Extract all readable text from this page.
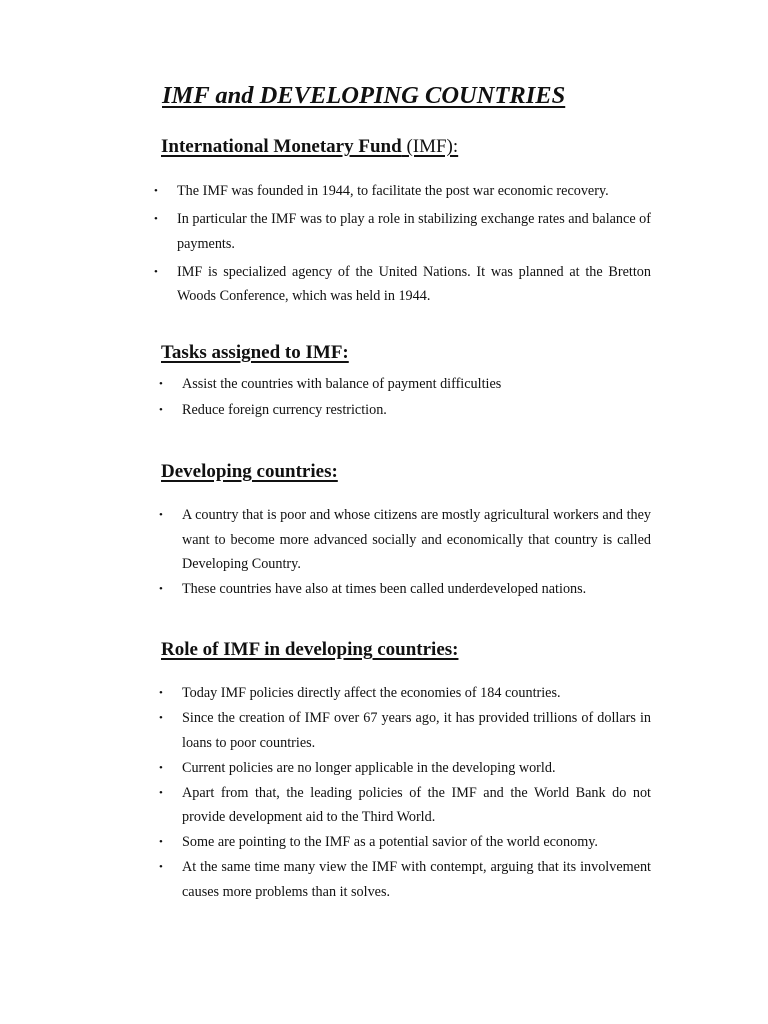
IMF and DEVELOPING COUNTRIES
International Monetary Fund (IMF):
• The IMF was founded in 1944, to facilitate the post war economic recovery.
• In particular the IMF was to play a role in stabilizing exchange rates and balance of payments.
• IMF is specialized agency of the United Nations. It was planned at the Bretton Woods Conference, which was held in 1944.
Tasks assigned to IMF:
• Assist the countries with balance of payment difficulties
• Reduce foreign currency restriction.
Developing countries:
• A country that is poor and whose citizens are mostly agricultural workers and they want to become more advanced socially and economically that country is called Developing Country.
• These countries have also at times been called underdeveloped nations.
Role of IMF in developing countries:
• Today IMF policies directly affect the economies of 184 countries.
• Since the creation of IMF over 67 years ago, it has provided trillions of dollars in loans to poor countries.
• Current policies are no longer applicable in the developing world.
• Apart from that, the leading policies of the IMF and the World Bank do not provide development aid to the Third World.
• Some are pointing to the IMF as a potential savior of the world economy.
• At the same time many view the IMF with contempt, arguing that its involvement causes more problems than it solves.
